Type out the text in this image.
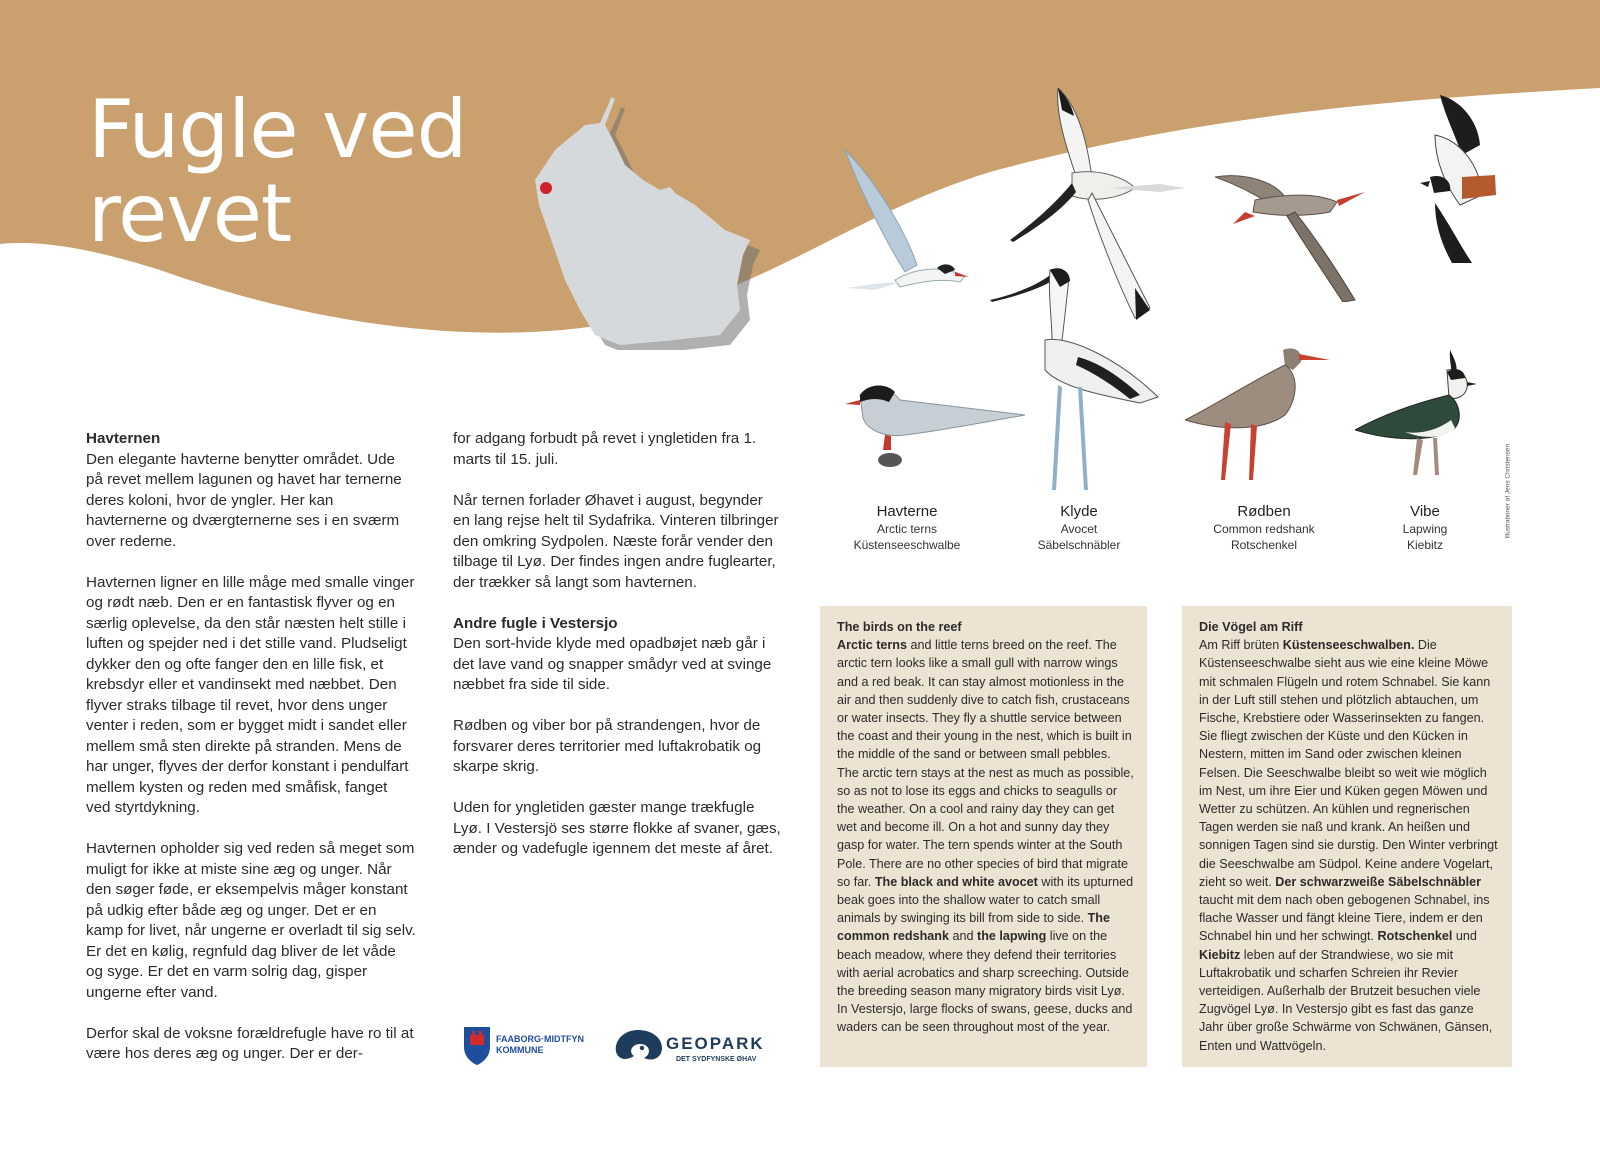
Fugle ved
revet
Havterne
Arctic terns
Küstenseeschwalbe
Klyde
Avocet
Säbelschnäbler
Rødben
Common redshank
Rotschenkel
Vibe
Lapwing
Kiebitz
Illustrationer af Jens Christensen
Havternen

Den elegante havterne benytter området. Ude på revet mellem lagunen og havet har ternerne deres koloni, hvor de yngler. Her kan havternerne og dværgternerne ses i en sværm over rederne.

Havternen ligner en lille måge med smalle vinger og rødt næb. Den er en fantastisk flyver og en særlig oplevelse, da den står næsten helt stille i luften og spejder ned i det stille vand. Pludseligt dykker den og ofte fanger den en lille fisk, et krebsdyr eller et vandinsekt med næbbet. Den flyver straks tilbage til revet, hvor dens unger venter i reden, som er bygget midt i sandet eller mellem små sten direkte på stranden. Mens de har unger, flyves der derfor konstant i pendulfart mellem kysten og reden med småfisk, fanget ved styrtdykning.

Havternen opholder sig ved reden så meget som muligt for ikke at miste sine æg og unger. Når den søger føde, er eksempelvis måger konstant på udkig efter både æg og unger. Det er en kamp for livet, når ungerne er overladt til sig selv. Er det en kølig, regnfuld dag bliver de let våde og syge. Er det en varm solrig dag, gisper ungerne efter vand.

Derfor skal de voksne forældrefugle have ro til at være hos deres æg og unger. Der er der-

for adgang forbudt på revet i yngletiden fra 1. marts til 15. juli.

Når ternen forlader Øhavet i august, begynder en lang rejse helt til Sydafrika. Vinteren tilbringer den omkring Sydpolen. Næste forår vender den tilbage til Lyø. Der findes ingen andre fuglearter, der trækker så langt som havternen.

Andre fugle i Vestersjo

Den sort-hvide klyde med opadbøjet næb går i det lave vand og snapper smådyr ved at svinge næbbet fra side til side.

Rødben og viber bor på strandengen, hvor de forsvarer deres territorier med luftakrobatik og skarpe skrig.

Uden for yngletiden gæster mange trækfugle Lyø. I Vestersjö ses større flokke af svaner, gæs, ænder og vadefugle igennem det meste af året.

The birds on the reef

Arctic terns and little terns breed on the reef. The arctic tern looks like a small gull with narrow wings and a red beak. It can stay almost motionless in the air and then suddenly dive to catch fish, crustaceans or water insects. They fly a shuttle service between the coast and their young in the nest, which is built in the middle of the sand or between small pebbles. The arctic tern stays at the nest as much as possible, so as not to lose its eggs and chicks to seagulls or the weather. On a cool and rainy day they can get wet and become ill. On a hot and sunny day they gasp for water. The tern spends winter at the South Pole. There are no other species of bird that migrate so far. The black and white avocet with its upturned beak goes into the shallow water to catch small animals by swinging its bill from side to side. The common redshank and the lapwing live on the beach meadow, where they defend their territories with aerial acrobatics and sharp screeching. Outside the breeding season many migratory birds visit Lyø. In Vestersjo, large flocks of swans, geese, ducks and waders can be seen throughout most of the year.

Die Vögel am Riff

Am Riff brüten Küstenseeschwalben. Die Küstenseeschwalbe sieht aus wie eine kleine Möwe mit schmalen Flügeln und rotem Schnabel. Sie kann in der Luft still stehen und plötzlich abtauchen, um Fische, Krebstiere oder Wasserinsekten zu fangen. Sie fliegt zwischen der Küste und den Kücken in Nestern, mitten im Sand oder zwischen kleinen Felsen. Die Seeschwalbe bleibt so weit wie möglich im Nest, um ihre Eier und Küken gegen Möwen und Wetter zu schützen. An kühlen und regnerischen Tagen werden sie naß und krank. An heißen und sonnigen Tagen sind sie durstig. Den Winter verbringt die Seeschwalbe am Südpol. Keine andere Vogelart, zieht so weit. Der schwarzweiße Säbelschnäbler taucht mit dem nach oben gebogenen Schnabel, ins flache Wasser und fängt kleine Tiere, indem er den Schnabel hin und her schwingt. Rotschenkel und Kiebitz leben auf der Strandwiese, wo sie mit Luftakrobatik und scharfen Schreien ihr Revier verteidigen. Außerhalb der Brutzeit besuchen viele Zugvögel Lyø. In Vestersjo gibt es fast das ganze Jahr über große Schwärme von Schwänen, Gänsen, Enten und Wattvögeln.

FAABORG·MIDTFYN
KOMMUNE	GEOPARK
DET SYDFYNSKE ØHAV
